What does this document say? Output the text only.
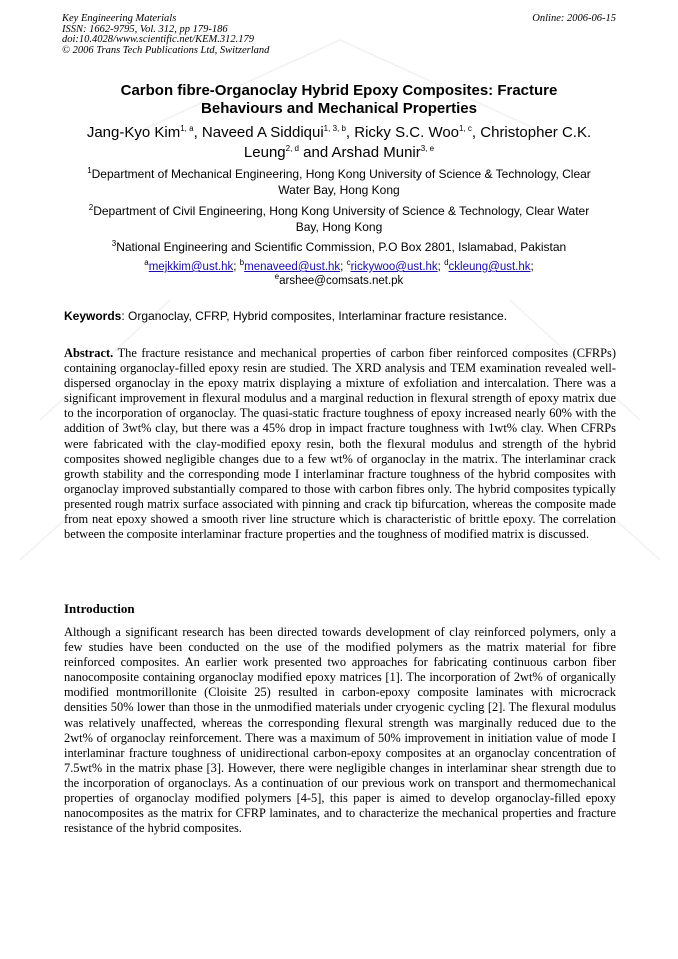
Key Engineering Materials
ISSN: 1662-9795, Vol. 312, pp 179-186
doi:10.4028/www.scientific.net/KEM.312.179
© 2006 Trans Tech Publications Ltd, Switzerland
Online: 2006-06-15
Carbon fibre-Organoclay Hybrid Epoxy Composites: Fracture
Behaviours and Mechanical Properties
Jang-Kyo Kim$^{1, a}$, Naveed A Siddiqui$^{1, 3, b}$, Ricky S.C. Woo$^{1, c}$, Christopher C.K.
Leung$^{2, d}$ and Arshad Munir$^{3, e}$
$^1$Department of Mechanical Engineering, Hong Kong University of Science & Technology, Clear
Water Bay, Hong Kong
$^2$Department of Civil Engineering, Hong Kong University of Science & Technology, Clear Water
Bay, Hong Kong
$^3$National Engineering and Scientific Commission, P.O Box 2801, Islamabad, Pakistan
$^a$mejkkim@ust.hk; $^b$menaveed@ust.hk; $^c$rickywoo@ust.hk; $^d$ckleung@ust.hk;
$^e$arshee@comsats.net.pk
Keywords: Organoclay, CFRP, Hybrid composites, Interlaminar fracture resistance.
Abstract. The fracture resistance and mechanical properties of carbon fiber reinforced composites (CFRPs) containing organoclay-filled epoxy resin are studied. The XRD analysis and TEM examination revealed well-dispersed organoclay in the epoxy matrix displaying a mixture of exfoliation and intercalation. There was a significant improvement in flexural modulus and a marginal reduction in flexural strength of epoxy matrix due to the incorporation of organoclay. The quasi-static fracture toughness of epoxy increased nearly 60% with the addition of 3wt% clay, but there was a 45% drop in impact fracture toughness with 1wt% clay. When CFRPs were fabricated with the clay-modified epoxy resin, both the flexural modulus and strength of the hybrid composites showed negligible changes due to a few wt% of organoclay in the matrix. The interlaminar crack growth stability and the corresponding mode I interlaminar fracture toughness of the hybrid composites with organoclay improved substantially compared to those with carbon fibres only. The hybrid composites typically presented rough matrix surface associated with pinning and crack tip bifurcation, whereas the composite made from neat epoxy showed a smooth river line structure which is characteristic of brittle epoxy. The correlation between the composite interlaminar fracture properties and the toughness of modified matrix is discussed.
Introduction
Although a significant research has been directed towards development of clay reinforced polymers, only a few studies have been conducted on the use of the modified polymers as the matrix material for fibre reinforced composites. An earlier work presented two approaches for fabricating continuous carbon fiber nanocomposite containing organoclay modified epoxy matrices [1]. The incorporation of 2wt% of organically modified montmorillonite (Cloisite 25) resulted in carbon-epoxy composite laminates with microcrack densities 50% lower than those in the unmodified materials under cryogenic cycling [2]. The flexural modulus was relatively unaffected, whereas the corresponding flexural strength was marginally reduced due to the 2wt% of organoclay reinforcement. There was a maximum of 50% improvement in initiation value of mode I interlaminar fracture toughness of unidirectional carbon-epoxy composites at an organoclay concentration of 7.5wt% in the matrix phase [3]. However, there were negligible changes in interlaminar shear strength due to the incorporation of organoclays. As a continuation of our previous work on transport and thermomechanical properties of organoclay modified polymers [4-5], this paper is aimed to develop organoclay-filled epoxy nanocomposites as the matrix for CFRP laminates, and to characterize the mechanical properties and fracture resistance of the hybrid composites.
